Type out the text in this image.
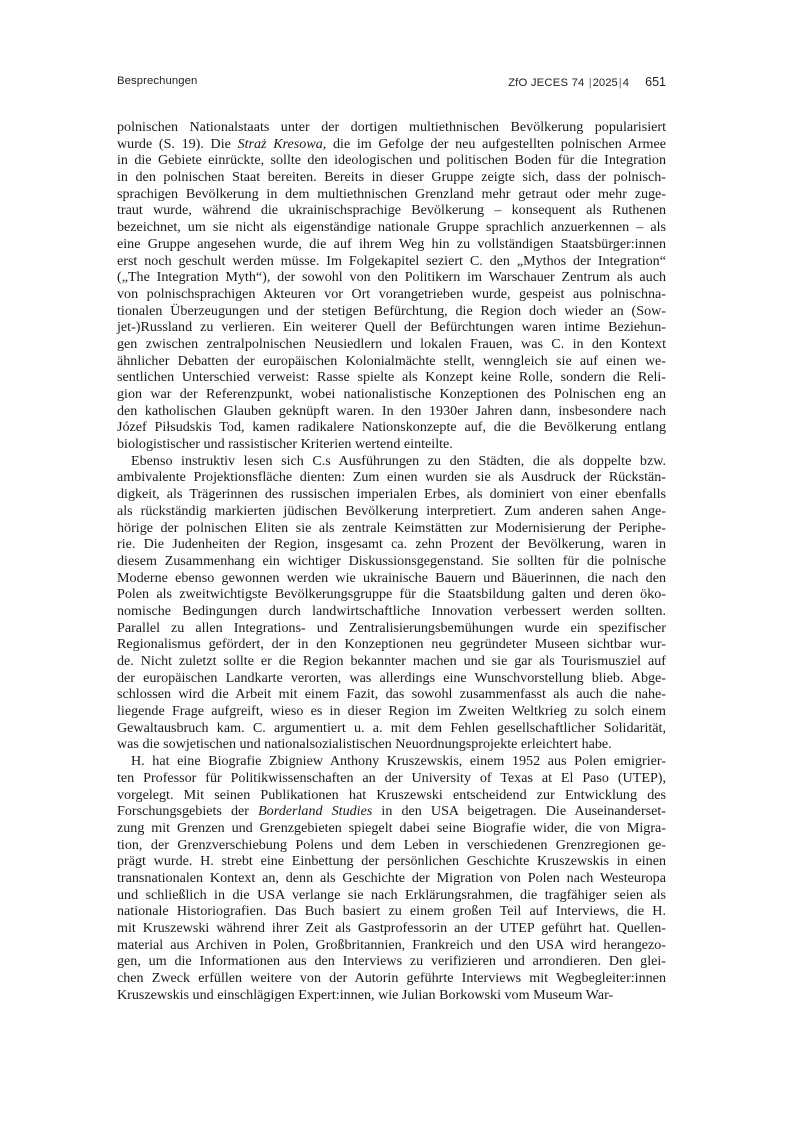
Besprechungen	ZfO JECES 74 |2025|4 651
polnischen Nationalstaats unter der dortigen multiethnischen Bevölkerung popularisiert
wurde (S. 19). Die Straż Kresowa, die im Gefolge der neu aufgestellten polnischen Armee
in die Gebiete einrückte, sollte den ideologischen und politischen Boden für die Integration
in den polnischen Staat bereiten. Bereits in dieser Gruppe zeigte sich, dass der polnisch-
sprachigen Bevölkerung in dem multiethnischen Grenzland mehr getraut oder mehr zuge-
traut wurde, während die ukrainischsprachige Bevölkerung – konsequent als Ruthenen
bezeichnet, um sie nicht als eigenständige nationale Gruppe sprachlich anzuerkennen – als
eine Gruppe angesehen wurde, die auf ihrem Weg hin zu vollständigen Staatsbürger:innen
erst noch geschult werden müsse. Im Folgekapitel seziert C. den „Mythos der Integration“
(„The Integration Myth“), der sowohl von den Politikern im Warschauer Zentrum als auch
von polnischsprachigen Akteuren vor Ort vorangetrieben wurde, gespeist aus polnischna-
tionalen Überzeugungen und der stetigen Befürchtung, die Region doch wieder an (Sow-
jet-)Russland zu verlieren. Ein weiterer Quell der Befürchtungen waren intime Beziehun-
gen zwischen zentralpolnischen Neusiedlern und lokalen Frauen, was C. in den Kontext
ähnlicher Debatten der europäischen Kolonialmächte stellt, wenngleich sie auf einen we-
sentlichen Unterschied verweist: Rasse spielte als Konzept keine Rolle, sondern die Reli-
gion war der Referenzpunkt, wobei nationalistische Konzeptionen des Polnischen eng an
den katholischen Glauben geknüpft waren. In den 1930er Jahren dann, insbesondere nach
Józef Piłsudskis Tod, kamen radikalere Nationskonzepte auf, die die Bevölkerung entlang
biologistischer und rassistischer Kriterien wertend einteilte.
Ebenso instruktiv lesen sich C.s Ausführungen zu den Städten, die als doppelte bzw.
ambivalente Projektionsfläche dienten: Zum einen wurden sie als Ausdruck der Rückstän-
digkeit, als Trägerinnen des russischen imperialen Erbes, als dominiert von einer ebenfalls
als rückständig markierten jüdischen Bevölkerung interpretiert. Zum anderen sahen Ange-
hörige der polnischen Eliten sie als zentrale Keimstätten zur Modernisierung der Periphe-
rie. Die Judenheiten der Region, insgesamt ca. zehn Prozent der Bevölkerung, waren in
diesem Zusammenhang ein wichtiger Diskussionsgegenstand. Sie sollten für die polnische
Moderne ebenso gewonnen werden wie ukrainische Bauern und Bäuerinnen, die nach den
Polen als zweitwichtigste Bevölkerungsgruppe für die Staatsbildung galten und deren öko-
nomische Bedingungen durch landwirtschaftliche Innovation verbessert werden sollten.
Parallel zu allen Integrations- und Zentralisierungsbemühungen wurde ein spezifischer
Regionalismus gefördert, der in den Konzeptionen neu gegründeter Museen sichtbar wur-
de. Nicht zuletzt sollte er die Region bekannter machen und sie gar als Tourismusziel auf
der europäischen Landkarte verorten, was allerdings eine Wunschvorstellung blieb. Abge-
schlossen wird die Arbeit mit einem Fazit, das sowohl zusammenfasst als auch die nahe-
liegende Frage aufgreift, wieso es in dieser Region im Zweiten Weltkrieg zu solch einem
Gewaltausbruch kam. C. argumentiert u. a. mit dem Fehlen gesellschaftlicher Solidarität,
was die sowjetischen und nationalsozialistischen Neuordnungsprojekte erleichtert habe.
H. hat eine Biografie Zbigniew Anthony Kruszewskis, einem 1952 aus Polen emigrier-
ten Professor für Politikwissenschaften an der University of Texas at El Paso (UTEP),
vorgelegt. Mit seinen Publikationen hat Kruszewski entscheidend zur Entwicklung des
Forschungsgebiets der Borderland Studies in den USA beigetragen. Die Auseinanderset-
zung mit Grenzen und Grenzgebieten spiegelt dabei seine Biografie wider, die von Migra-
tion, der Grenzverschiebung Polens und dem Leben in verschiedenen Grenzregionen ge-
prägt wurde. H. strebt eine Einbettung der persönlichen Geschichte Kruszewskis in einen
transnationalen Kontext an, denn als Geschichte der Migration von Polen nach Westeuropa
und schließlich in die USA verlange sie nach Erklärungsrahmen, die tragfähiger seien als
nationale Historiografien. Das Buch basiert zu einem großen Teil auf Interviews, die H.
mit Kruszewski während ihrer Zeit als Gastprofessorin an der UTEP geführt hat. Quellen-
material aus Archiven in Polen, Großbritannien, Frankreich und den USA wird herangezo-
gen, um die Informationen aus den Interviews zu verifizieren und arrondieren. Den glei-
chen Zweck erfüllen weitere von der Autorin geführte Interviews mit Wegbegleiter:innen
Kruszewskis und einschlägigen Expert:innen, wie Julian Borkowski vom Museum War-
